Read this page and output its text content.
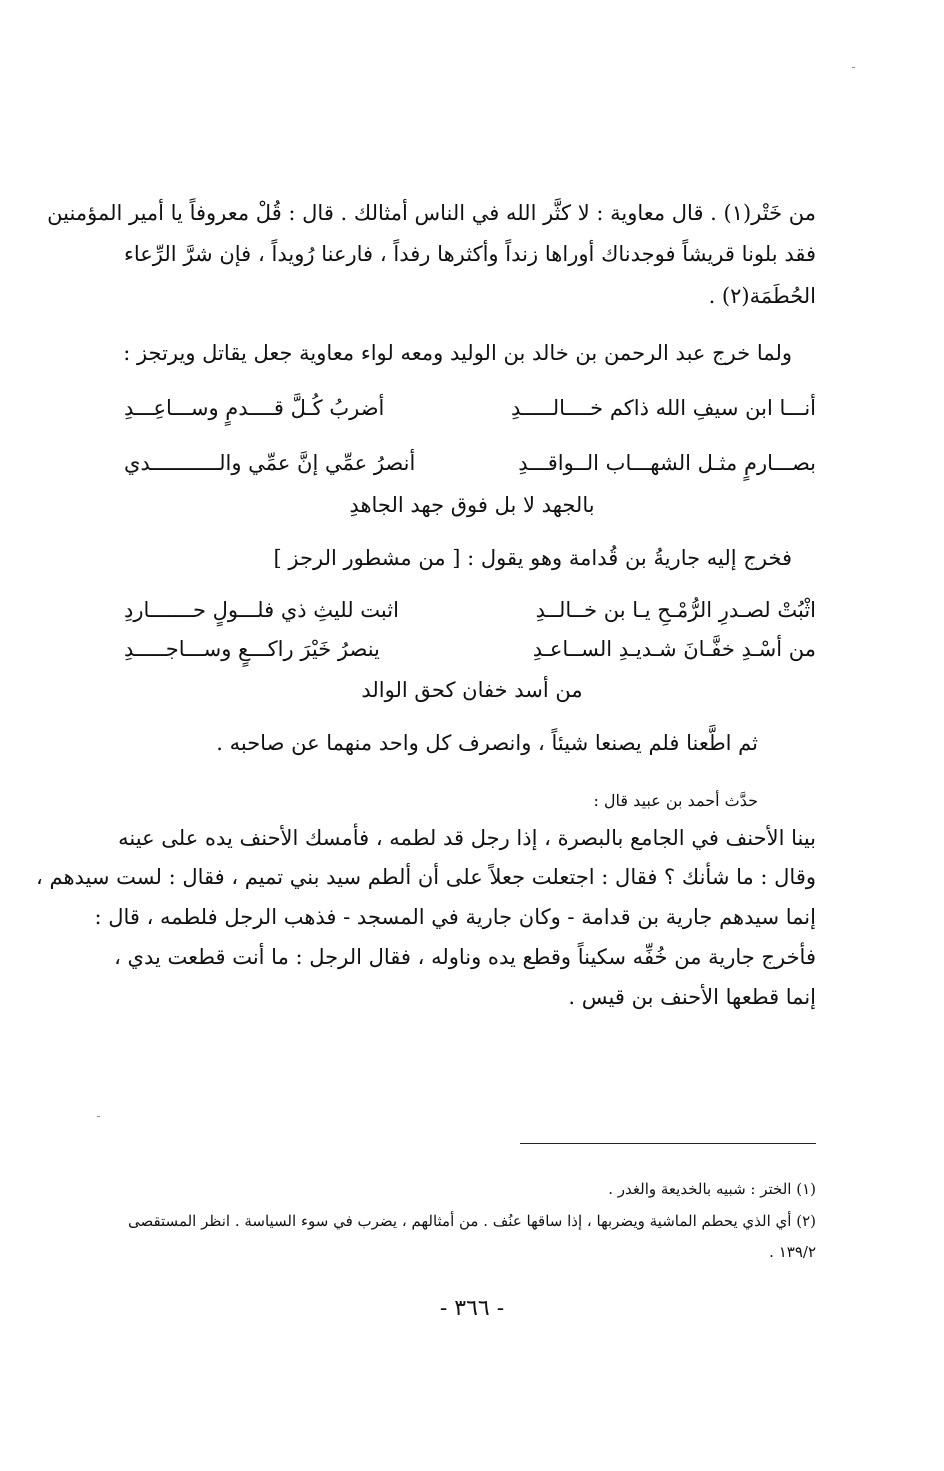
من خَتْر(١) . قال معاوية : لا كثَّر الله في الناس أمثالك . قال : قُلْ معروفاً يا أمير المؤمنين
فقد بلونا قريشاً فوجدناك أوراها زنداً وأكثرها رفداً ، فارعنا رُويداً ، فإن شرَّ الرِّعاء
الحُطَمَة(٢) .
ولما خرج عبد الرحمن بن خالد بن الوليد ومعه لواء معاوية جعل يقاتل ويرتجز :
أنـــا ابن سيفِ الله ذاكم خــــالـــــدِ
أضربُ كُـلَّ قــــدمٍ وســـاعِـــدِ
بصـــارمٍ مثـل الشهـــاب الــواقـــدِ
أنصرُ عمِّي إنَّ عمِّي والـــــــــــدي
بالجهد لا بل فوق جهد الجاهدِ
فخرج إليه جاريةُ بن قُدامة وهو يقول : [ من مشطور الرجز ]
اثْبُتْ لصـدرِ الرُّمْـحِ يـا بن خــالــدِ
اثبت لليثِ ذي فلـــولٍ حـــــــاردِ
من أسْـدِ خفَّـانَ شـديـدِ الســاعـدِ
ينصرُ خَيْرَ راكـــعٍ وســـاجـــــدِ
من أسد خفان كحق الوالد
ثم اطَّعنا فلم يصنعا شيئاً ، وانصرف كل واحد منهما عن صاحبه .
حدَّث أحمد بن عبيد قال :
بينا الأحنف في الجامع بالبصرة ، إذا رجل قد لطمه ، فأمسك الأحنف يده على عينه
وقال : ما شأنك ؟ فقال : اجتعلت جعلاً على أن ألطم سيد بني تميم ، فقال : لست سيدهم ،
إنما سيدهم جارية بن قدامة - وكان جارية في المسجد - فذهب الرجل فلطمه ، قال :
فأخرج جارية من خُفِّه سكيناً وقطع يده وناوله ، فقال الرجل : ما أنت قطعت يدي ،
إنما قطعها الأحنف بن قيس .
(١) الختر : شبيه بالخديعة والغدر .
(٢) أي الذي يحطم الماشية ويضربها ، إذا ساقها عنُف . من أمثالهم ، يضرب في سوء السياسة . انظر المستقصى
١٣٩/٢ .
- ٣٦٦ -
